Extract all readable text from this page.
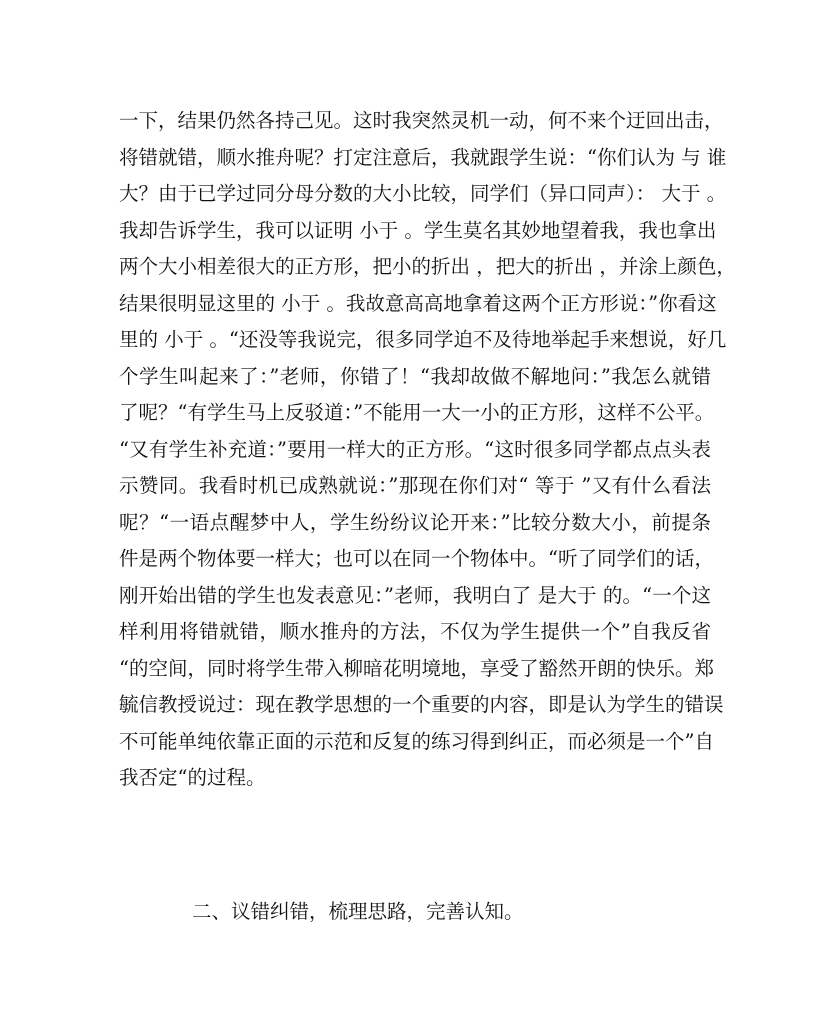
一下，结果仍然各持己见。这时我突然灵机一动，何不来个迂回出击，
将错就错，顺水推舟呢？打定注意后，我就跟学生说：“你们认为 与 谁
大？由于已学过同分母分数的大小比较，同学们（异口同声）： 大于 。
我却告诉学生，我可以证明 小于 。学生莫名其妙地望着我，我也拿出
两个大小相差很大的正方形，把小的折出 ，把大的折出 ，并涂上颜色，
结果很明显这里的 小于 。我故意高高地拿着这两个正方形说：”你看这
里的 小于 。“还没等我说完，很多同学迫不及待地举起手来想说，好几
个学生叫起来了：”老师，你错了！“我却故做不解地问：”我怎么就错
了呢？“有学生马上反驳道：”不能用一大一小的正方形，这样不公平。
“又有学生补充道：”要用一样大的正方形。“这时很多同学都点点头表
示赞同。我看时机已成熟就说：”那现在你们对“ 等于 ”又有什么看法
呢？“一语点醒梦中人，学生纷纷议论开来：”比较分数大小，前提条
件是两个物体要一样大；也可以在同一个物体中。“听了同学们的话，
刚开始出错的学生也发表意见：”老师，我明白了 是大于 的。“一个这
样利用将错就错，顺水推舟的方法，不仅为学生提供一个”自我反省
“的空间，同时将学生带入柳暗花明境地，享受了豁然开朗的快乐。郑
毓信教授说过：现在教学思想的一个重要的内容，即是认为学生的错误
不可能单纯依靠正面的示范和反复的练习得到纠正，而必须是一个”自
我否定“的过程。
二、议错纠错，梳理思路，完善认知。
